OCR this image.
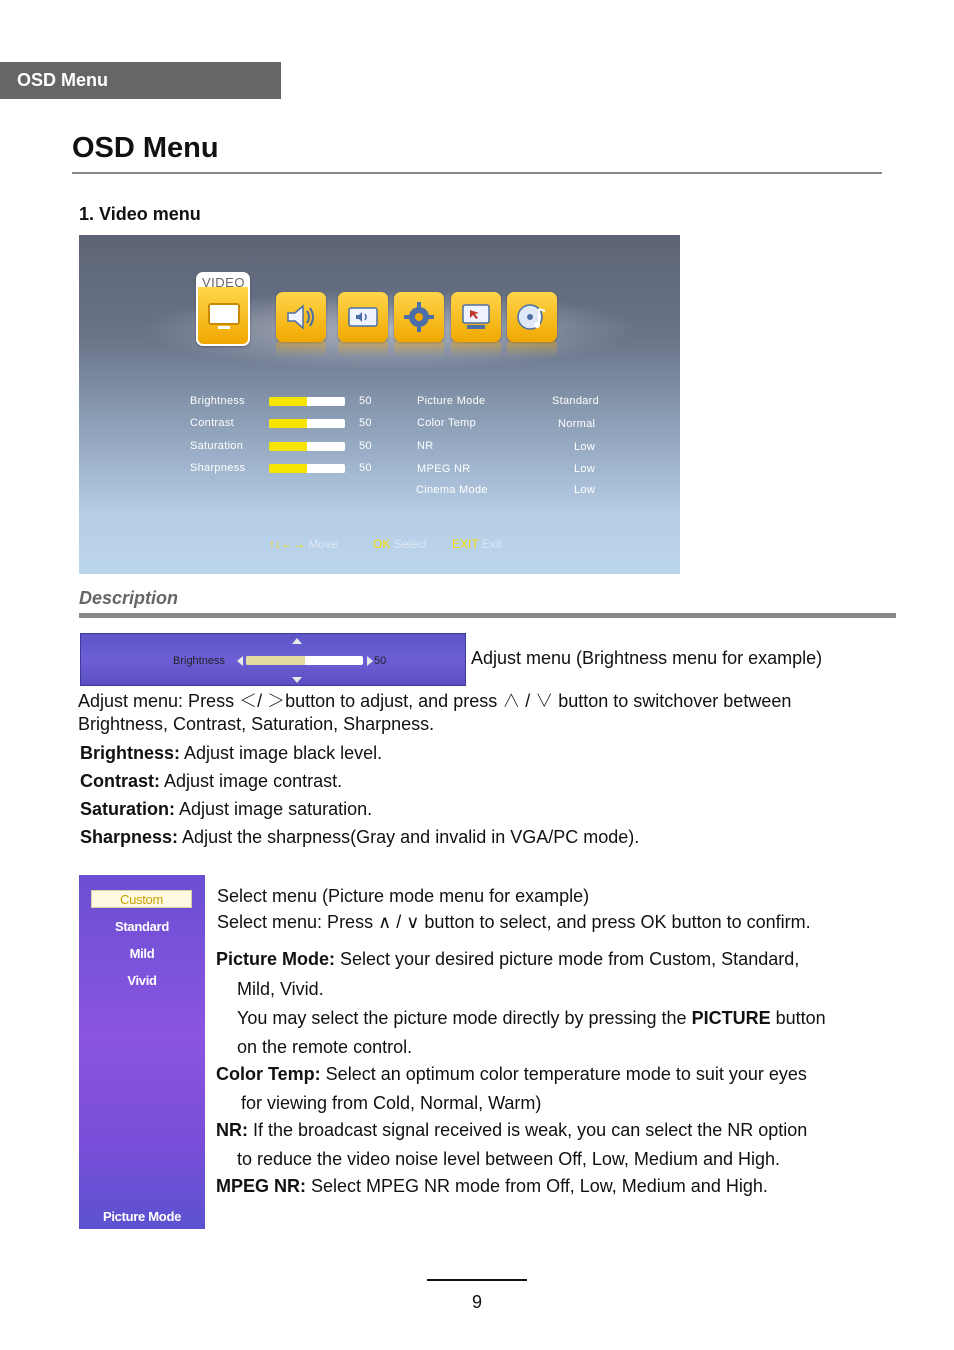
OSD Menu
OSD Menu
1. Video menu
VIDEO
Brightness	50
Contrast	50
Saturation	50
Sharpness	50
Picture Mode	Standard
Color Temp	Normal
NR	Low
MPEG NR	Low
Cinema Mode	Low
↑↓←→ Move	OK Select EXIT Exit
Description
Brightness	50	Adjust menu (Brightness menu for example)
Adjust menu: Press ＜/ ＞button to adjust, and press ∧ / ∨ button to switchover between
Brightness, Contrast, Saturation, Sharpness.
Brightness: Adjust image black level.
Contrast: Adjust image contrast.
Saturation: Adjust image saturation.
Sharpness: Adjust the sharpness(Gray and invalid in VGA/PC mode).
Custom
Standard
Mild
Vivid
Picture Mode
Select menu (Picture mode menu for example)
Select menu: Press ∧ / ∨ button to select, and press OK button to confirm.
Picture Mode: Select your desired picture mode from Custom, Standard,
Mild, Vivid.
You may select the picture mode directly by pressing the PICTURE button
on the remote control.
Color Temp: Select an optimum color temperature mode to suit your eyes
for viewing from Cold, Normal, Warm)
NR: If the broadcast signal received is weak, you can select the NR option
to reduce the video noise level between Off, Low, Medium and High.
MPEG NR: Select MPEG NR mode from Off, Low, Medium and High.
9
